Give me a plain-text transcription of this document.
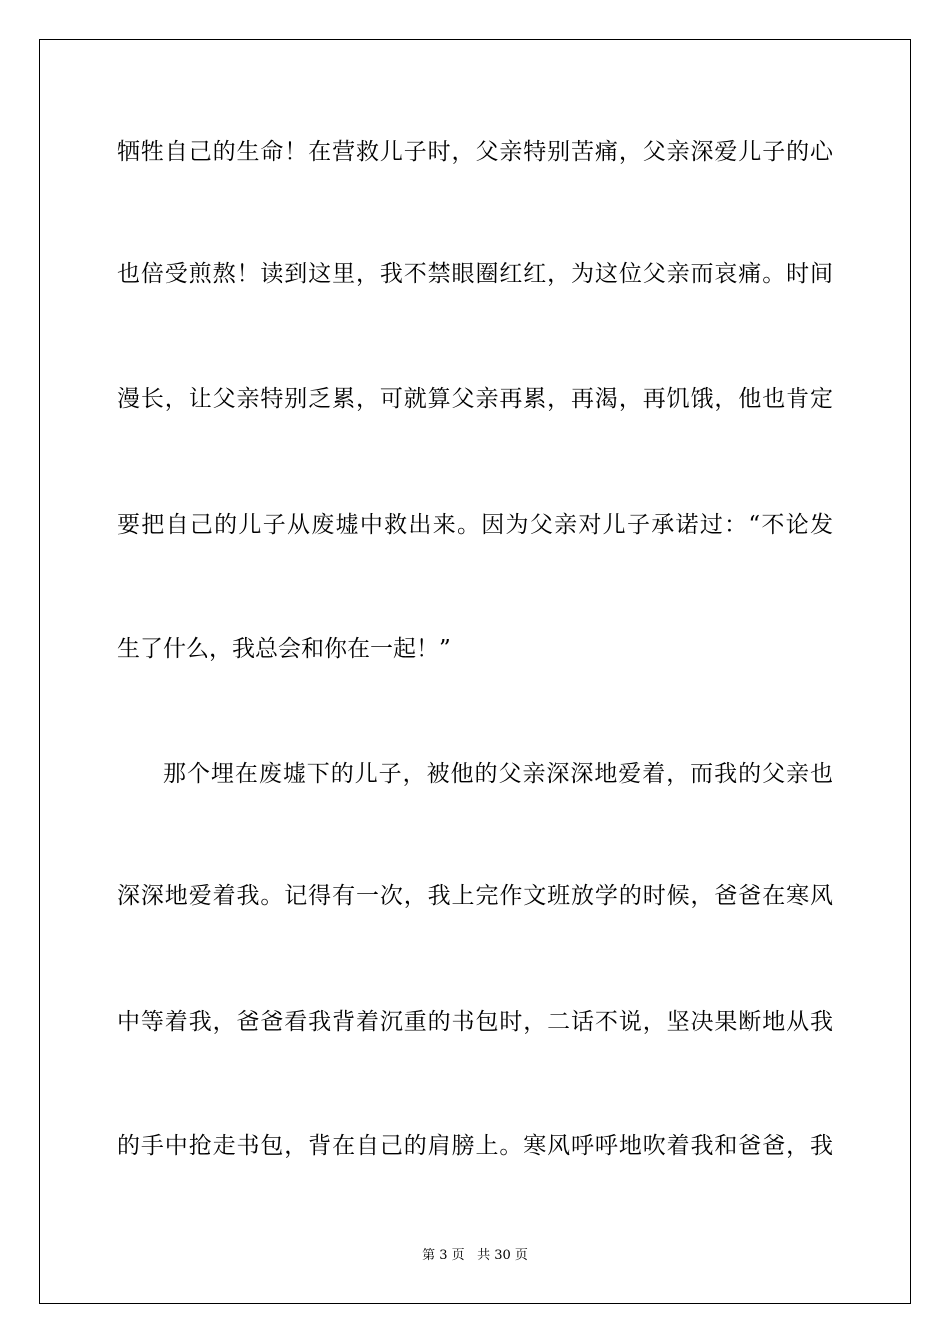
牺牲自己的生命！在营救儿子时，父亲特别苦痛，父亲深爱儿子的心
也倍受煎熬！读到这里，我不禁眼圈红红，为这位父亲而哀痛。时间
漫长，让父亲特别乏累，可就算父亲再累，再渴，再饥饿，他也肯定
要把自己的儿子从废墟中救出来。因为父亲对儿子承诺过：“不论发
生了什么，我总会和你在一起！”
那个埋在废墟下的儿子，被他的父亲深深地爱着，而我的父亲也
深深地爱着我。记得有一次，我上完作文班放学的时候，爸爸在寒风
中等着我，爸爸看我背着沉重的书包时，二话不说，坚决果断地从我
的手中抢走书包，背在自己的肩膀上。寒风呼呼地吹着我和爸爸，我
第 3 页 共 30 页
